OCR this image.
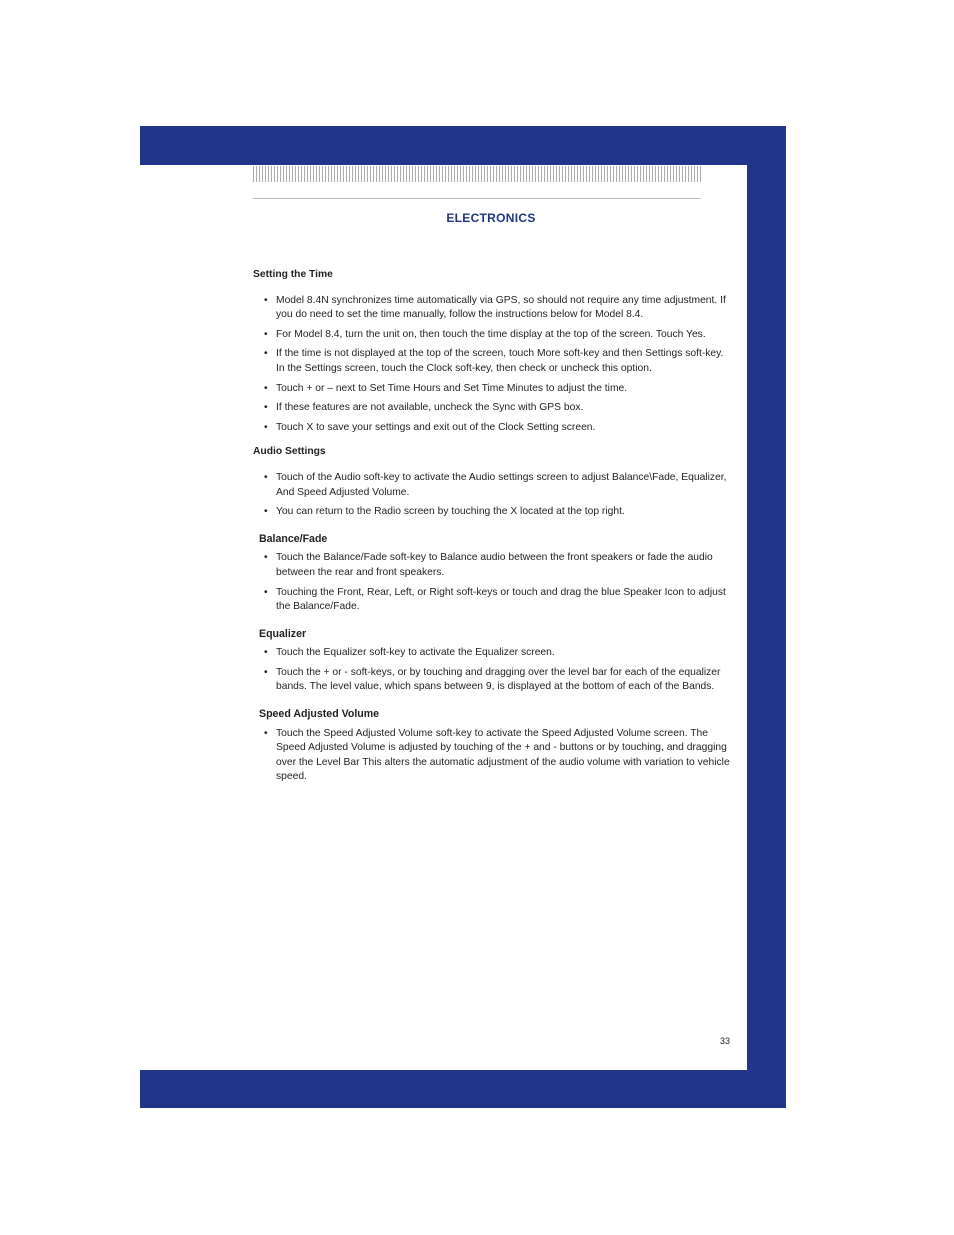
ELECTRONICS
Setting the Time
• Model 8.4N synchronizes time automatically via GPS, so should not require any time adjustment. If you do need to set the time manually, follow the instructions below for Model 8.4.
• For Model 8.4, turn the unit on, then touch the time display at the top of the screen. Touch Yes.
• If the time is not displayed at the top of the screen, touch More soft-key and then Settings soft-key. In the Settings screen, touch the Clock soft-key, then check or uncheck this option.
• Touch + or – next to Set Time Hours and Set Time Minutes to adjust the time.
• If these features are not available, uncheck the Sync with GPS box.
• Touch X to save your settings and exit out of the Clock Setting screen.
Audio Settings
• Touch of the Audio soft-key to activate the Audio settings screen to adjust Balance\Fade, Equalizer, And Speed Adjusted Volume.
• You can return to the Radio screen by touching the X located at the top right.
Balance/Fade
• Touch the Balance/Fade soft-key to Balance audio between the front speakers or fade the audio between the rear and front speakers.
• Touching the Front, Rear, Left, or Right soft-keys or touch and drag the blue Speaker Icon to adjust the Balance/Fade.
Equalizer
• Touch the Equalizer soft-key to activate the Equalizer screen.
• Touch the + or - soft-keys, or by touching and dragging over the level bar for each of the equalizer bands. The level value, which spans between 9, is displayed at the bottom of each of the Bands.
Speed Adjusted Volume
• Touch the Speed Adjusted Volume soft-key to activate the Speed Adjusted Volume screen. The Speed Adjusted Volume is adjusted by touching of the + and - buttons or by touching, and dragging over the Level Bar This alters the automatic adjustment of the audio volume with variation to vehicle speed.
33
